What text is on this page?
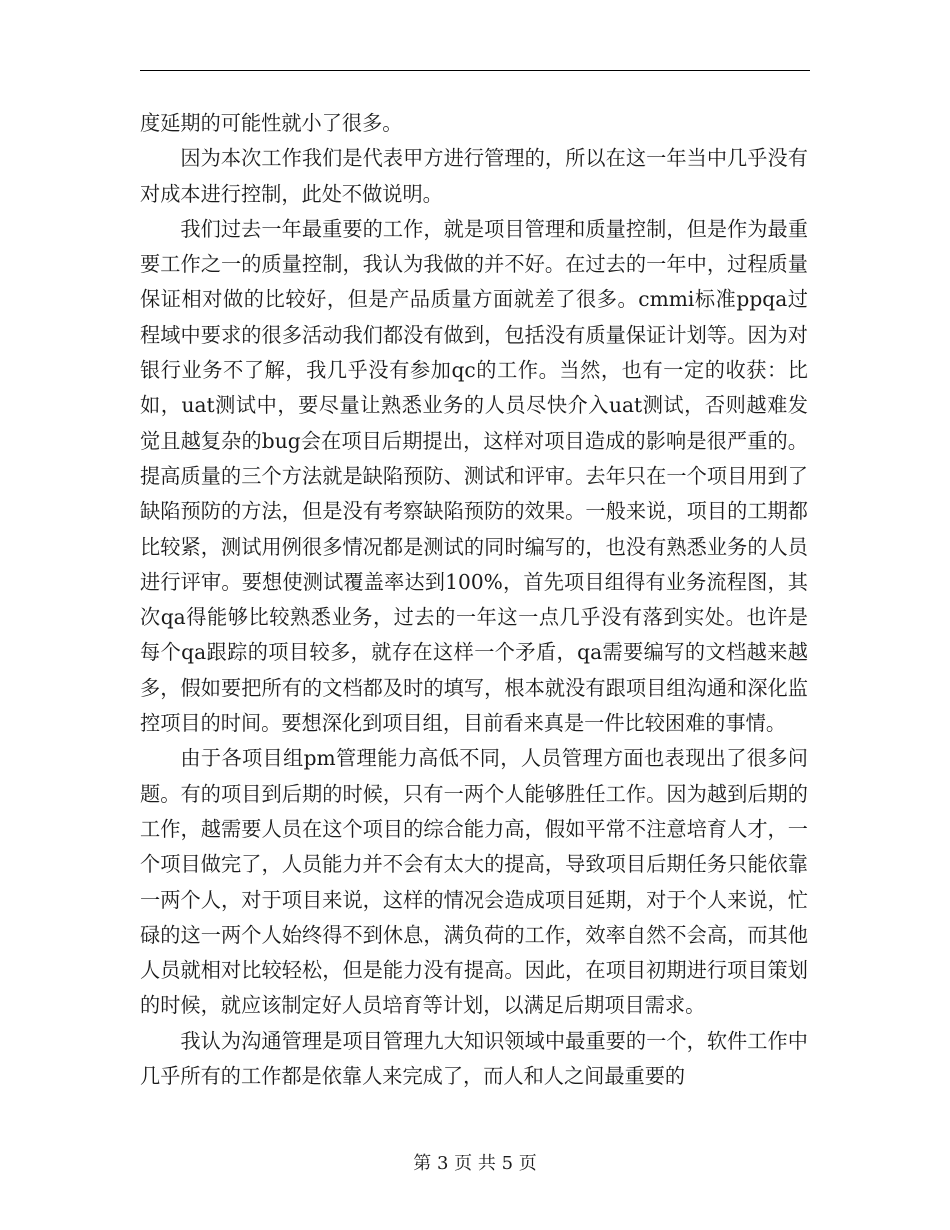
度延期的可能性就小了很多。

因为本次工作我们是代表甲方进行管理的，所以在这一年当中几乎没有对成本进行控制，此处不做说明。

我们过去一年最重要的工作，就是项目管理和质量控制，但是作为最重要工作之一的质量控制，我认为我做的并不好。在过去的一年中，过程质量保证相对做的比较好，但是产品质量方面就差了很多。cmmi标准ppqa过程域中要求的很多活动我们都没有做到，包括没有质量保证计划等。因为对银行业务不了解，我几乎没有参加qc的工作。当然，也有一定的收获：比如，uat测试中，要尽量让熟悉业务的人员尽快介入uat测试，否则越难发觉且越复杂的bug会在项目后期提出，这样对项目造成的影响是很严重的。提高质量的三个方法就是缺陷预防、测试和评审。去年只在一个项目用到了缺陷预防的方法，但是没有考察缺陷预防的效果。一般来说，项目的工期都比较紧，测试用例很多情况都是测试的同时编写的，也没有熟悉业务的人员进行评审。要想使测试覆盖率达到100%，首先项目组得有业务流程图，其次qa得能够比较熟悉业务，过去的一年这一点几乎没有落到实处。也许是每个qa跟踪的项目较多，就存在这样一个矛盾，qa需要编写的文档越来越多，假如要把所有的文档都及时的填写，根本就没有跟项目组沟通和深化监控项目的时间。要想深化到项目组，目前看来真是一件比较困难的事情。

由于各项目组pm管理能力高低不同，人员管理方面也表现出了很多问题。有的项目到后期的时候，只有一两个人能够胜任工作。因为越到后期的工作，越需要人员在这个项目的综合能力高，假如平常不注意培育人才，一个项目做完了，人员能力并不会有太大的提高，导致项目后期任务只能依靠一两个人，对于项目来说，这样的情况会造成项目延期，对于个人来说，忙碌的这一两个人始终得不到休息，满负荷的工作，效率自然不会高，而其他人员就相对比较轻松，但是能力没有提高。因此，在项目初期进行项目策划的时候，就应该制定好人员培育等计划，以满足后期项目需求。

我认为沟通管理是项目管理九大知识领域中最重要的一个，软件工作中几乎所有的工作都是依靠人来完成了，而人和人之间最重要的

第 3 页 共 5 页
